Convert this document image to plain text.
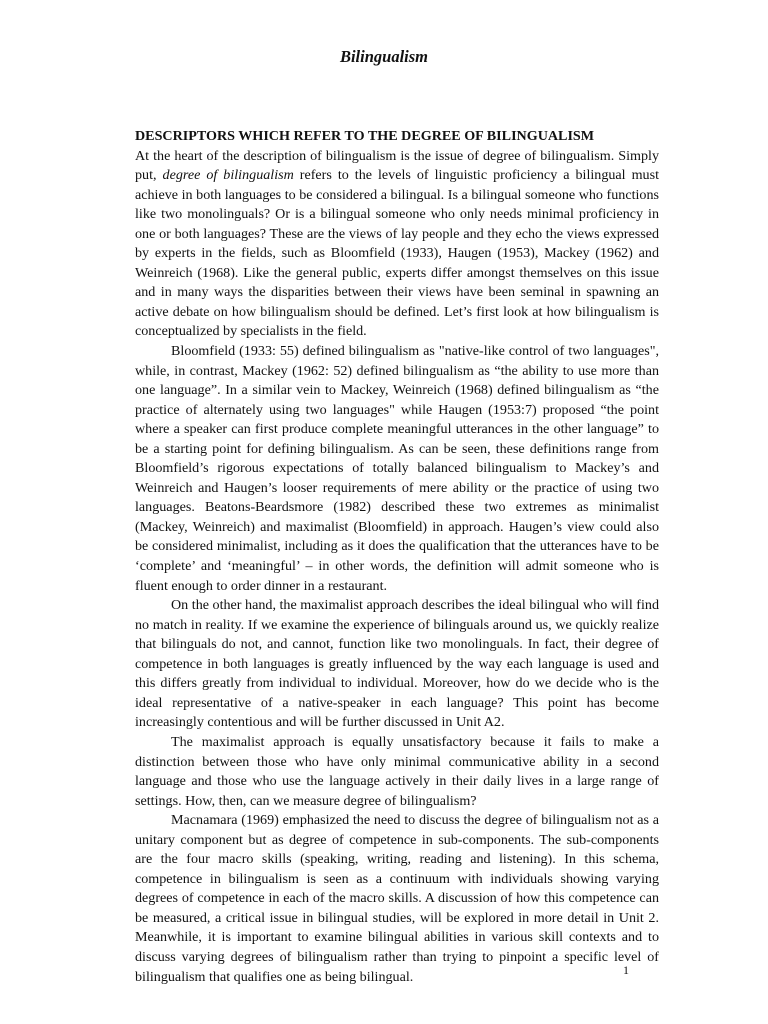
Bilingualism

DESCRIPTORS WHICH REFER TO THE DEGREE OF BILINGUALISM

At the heart of the description of bilingualism is the issue of degree of bilingualism. Simply put, degree of bilingualism refers to the levels of linguistic proficiency a bilingual must achieve in both languages to be considered a bilingual. Is a bilingual someone who functions like two monolinguals? Or is a bilingual someone who only needs minimal proficiency in one or both languages? These are the views of lay people and they echo the views expressed by experts in the fields, such as Bloomfield (1933), Haugen (1953), Mackey (1962) and Weinreich (1968). Like the general public, experts differ amongst themselves on this issue and in many ways the disparities between their views have been seminal in spawning an active debate on how bilingualism should be defined. Let’s first look at how bilingualism is conceptualized by specialists in the field.

Bloomfield (1933: 55) defined bilingualism as "native-like control of two languages", while, in contrast, Mackey (1962: 52) defined bilingualism as “the ability to use more than one language”. In a similar vein to Mackey, Weinreich (1968) defined bilingualism as “the practice of alternately using two languages" while Haugen (1953:7) proposed “the point where a speaker can first produce complete meaningful utterances in the other language” to be a starting point for defining bilingualism. As can be seen, these definitions range from Bloomfield’s rigorous expectations of totally balanced bilingualism to Mackey’s and Weinreich and Haugen’s looser requirements of mere ability or the practice of using two languages. Beatons-Beardsmore (1982) described these two extremes as minimalist (Mackey, Weinreich) and maximalist (Bloomfield) in approach. Haugen’s view could also be considered minimalist, including as it does the qualification that the utterances have to be ‘complete’ and ‘meaningful’ – in other words, the definition will admit someone who is fluent enough to order dinner in a restaurant.

On the other hand, the maximalist approach describes the ideal bilingual who will find no match in reality. If we examine the experience of bilinguals around us, we quickly realize that bilinguals do not, and cannot, function like two monolinguals. In fact, their degree of competence in both languages is greatly influenced by the way each language is used and this differs greatly from individual to individual. Moreover, how do we decide who is the ideal representative of a native-speaker in each language? This point has become increasingly contentious and will be further discussed in Unit A2.

The maximalist approach is equally unsatisfactory because it fails to make a distinction between those who have only minimal communicative ability in a second language and those who use the language actively in their daily lives in a large range of settings. How, then, can we measure degree of bilingualism?

Macnamara (1969) emphasized the need to discuss the degree of bilingualism not as a unitary component but as degree of competence in sub-components. The sub-components are the four macro skills (speaking, writing, reading and listening). In this schema, competence in bilingualism is seen as a continuum with individuals showing varying degrees of competence in each of the macro skills. A discussion of how this competence can be measured, a critical issue in bilingual studies, will be explored in more detail in Unit 2. Meanwhile, it is important to examine bilingual abilities in various skill contexts and to discuss varying degrees of bilingualism rather than trying to pinpoint a specific level of bilingualism that qualifies one as being bilingual.	1
